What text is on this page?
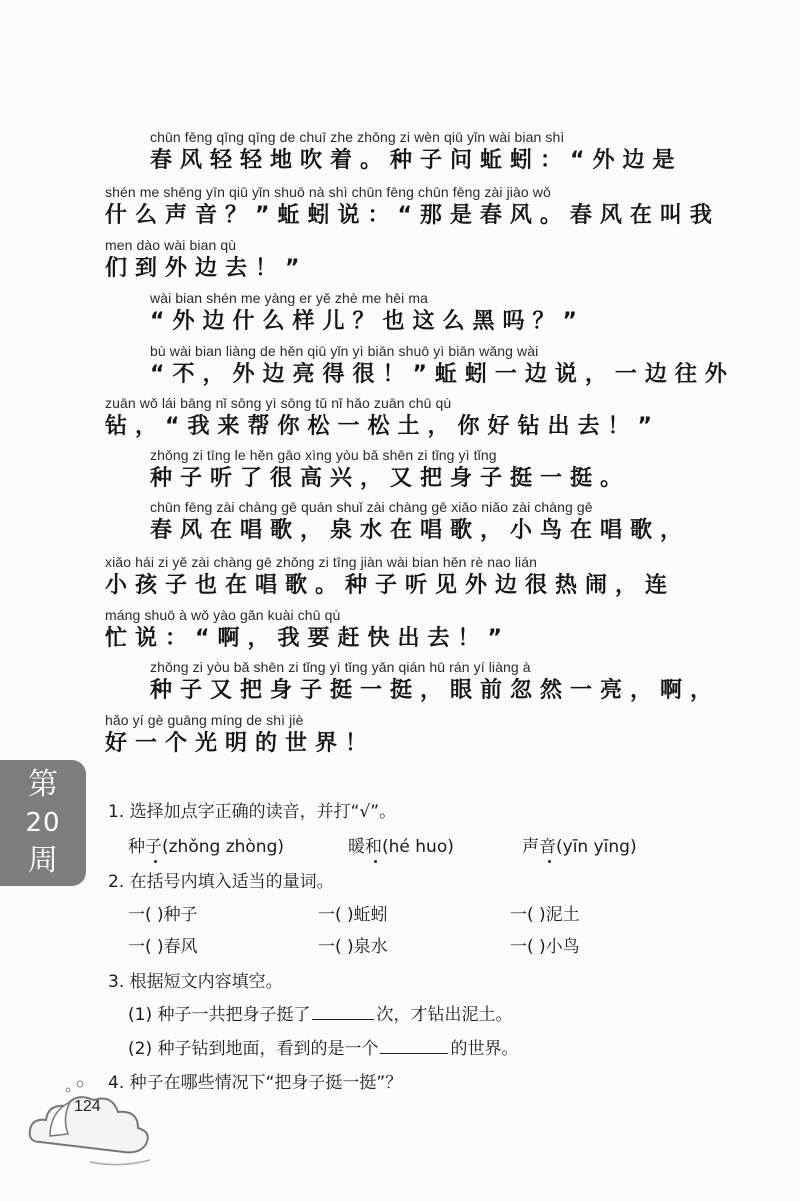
chūn fēng qīng qīng de chuī zhe zhǒng zi wèn qiū yǐn wài bian shì
春风轻轻地吹着。种子问蚯蚓：“外边是
shén me shēng yīn qiū yǐn shuō nà shì chūn fēng chūn fēng zài jiào wǒ
什么声音？”蚯蚓说：“那是春风。春风在叫我
men dào wài bian qù
们到外边去！”
wài bian shén me yàng er yě zhè me hēi ma
“外边什么样儿？也这么黑吗？”
bù wài bian liàng de hěn qiū yǐn yì biān shuō yì biān wǎng wài
“不，外边亮得很！”蚯蚓一边说，一边往外
zuān wǒ lái bāng nǐ sōng yì sōng tǔ nǐ hǎo zuān chū qù
钻，“我来帮你松一松土，你好钻出去！”
zhǒng zi tīng le hěn gāo xìng yòu bǎ shēn zi tǐng yì tǐng
种子听了很高兴，又把身子挺一挺。
chūn fēng zài chàng gē quán shuǐ zài chàng gē xiǎo niǎo zài chàng gē
春风在唱歌，泉水在唱歌，小鸟在唱歌，
xiǎo hái zi yě zài chàng gē zhǒng zi tīng jiàn wài bian hěn rè nao lián
小孩子也在唱歌。种子听见外边很热闹，连
máng shuō à wǒ yào gǎn kuài chū qù
忙说：“啊，我要赶快出去！”
zhǒng zi yòu bǎ shēn zi tǐng yì tǐng yǎn qián hū rán yí liàng à
种子又把身子挺一挺，眼前忽然一亮，啊，
hǎo yí gè guāng míng de shì jiè
好一个光明的世界！
第
20
周
1. 选择加点字正确的读音，并打“√”。
种子(zhǒng zhòng)	暖和(hé huo)	声音(yīn yīng)
2. 在括号内填入适当的量词。
一( )种子	一( )蚯蚓	一( )泥土
一( )春风	一( )泉水	一( )小鸟
3. 根据短文内容填空。
(1) 种子一共把身子挺了	次，才钻出泥土。
(2) 种子钻到地面，看到的是一个	的世界。
4. 种子在哪些情况下“把身子挺一挺”？
124
